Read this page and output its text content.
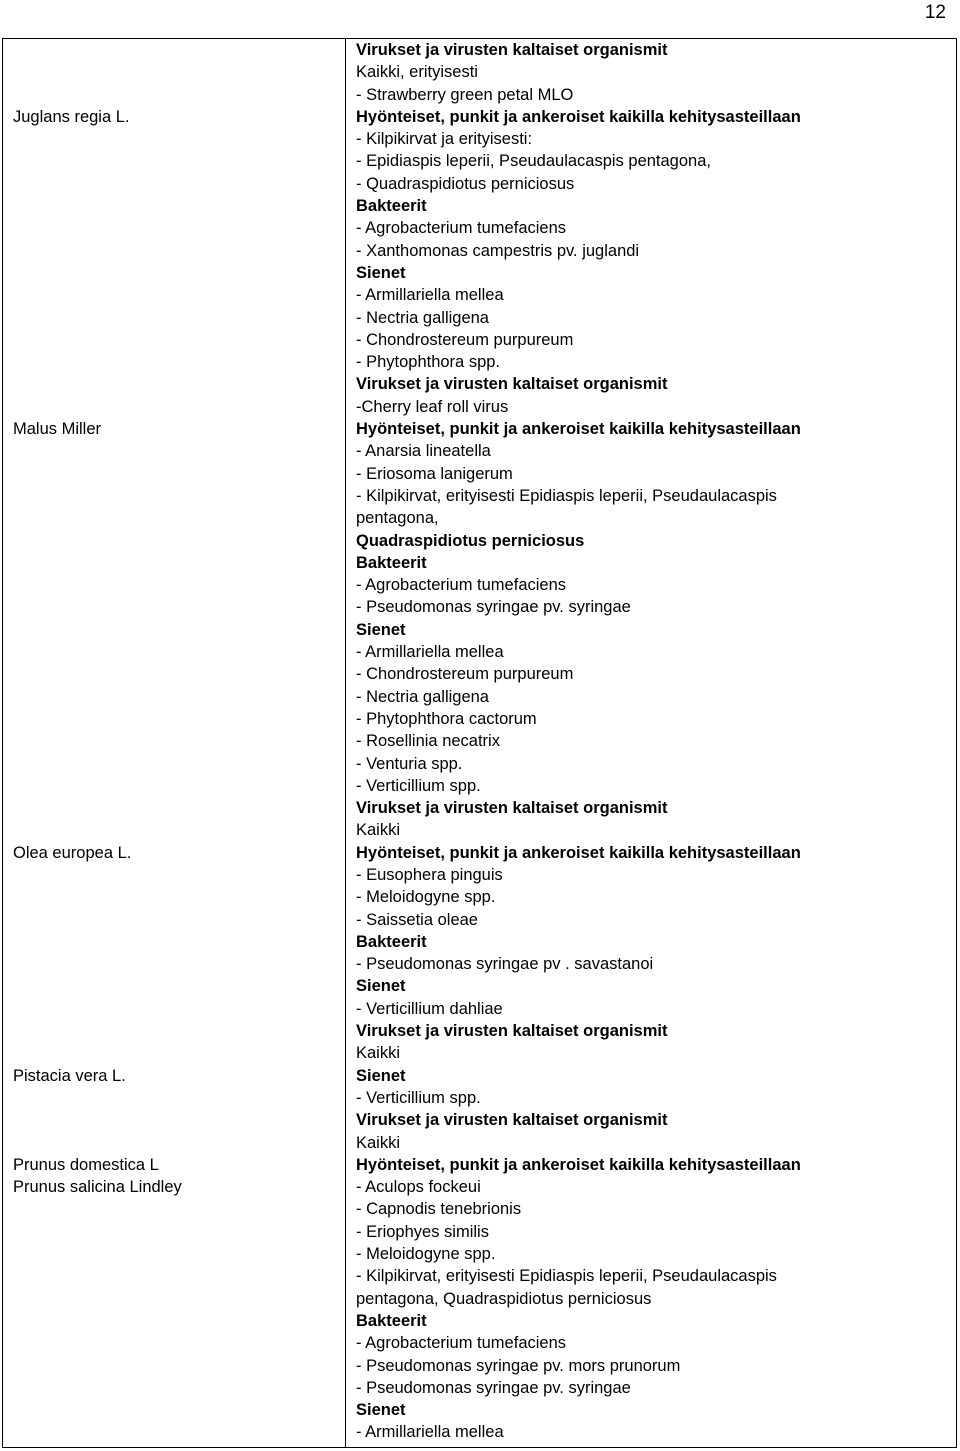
12
Juglans regia L.
Malus Miller
Olea europea L.
Pistacia vera L.
Prunus domestica L
Prunus salicina Lindley
Virukset ja virusten kaltaiset organismit
Kaikki, erityisesti
- Strawberry green petal MLO
Hyönteiset, punkit ja ankeroiset kaikilla kehitysasteillaan
- Kilpikirvat ja erityisesti:
- Epidiaspis leperii, Pseudaulacaspis pentagona,
- Quadraspidiotus perniciosus
Bakteerit
- Agrobacterium tumefaciens
- Xanthomonas campestris pv. juglandi
Sienet
- Armillariella mellea
- Nectria galligena
- Chondrostereum purpureum
- Phytophthora spp.
Virukset ja virusten kaltaiset organismit
-Cherry leaf roll virus
Hyönteiset, punkit ja ankeroiset kaikilla kehitysasteillaan
- Anarsia lineatella
- Eriosoma lanigerum
- Kilpikirvat, erityisesti Epidiaspis leperii, Pseudaulacaspis
pentagona,
Quadraspidiotus perniciosus
Bakteerit
- Agrobacterium tumefaciens
- Pseudomonas syringae pv. syringae
Sienet
- Armillariella mellea
- Chondrostereum purpureum
- Nectria galligena
- Phytophthora cactorum
- Rosellinia necatrix
- Venturia spp.
- Verticillium spp.
Virukset ja virusten kaltaiset organismit
Kaikki
Hyönteiset, punkit ja ankeroiset kaikilla kehitysasteillaan
- Eusophera pinguis
- Meloidogyne spp.
- Saissetia oleae
Bakteerit
- Pseudomonas syringae pv . savastanoi
Sienet
- Verticillium dahliae
Virukset ja virusten kaltaiset organismit
Kaikki
Sienet
- Verticillium spp.
Virukset ja virusten kaltaiset organismit
Kaikki
Hyönteiset, punkit ja ankeroiset kaikilla kehitysasteillaan
- Aculops fockeui
- Capnodis tenebrionis
- Eriophyes similis
- Meloidogyne spp.
- Kilpikirvat, erityisesti Epidiaspis leperii, Pseudaulacaspis
pentagona, Quadraspidiotus perniciosus
Bakteerit
- Agrobacterium tumefaciens
- Pseudomonas syringae pv. mors prunorum
- Pseudomonas syringae pv. syringae
Sienet
- Armillariella mellea
